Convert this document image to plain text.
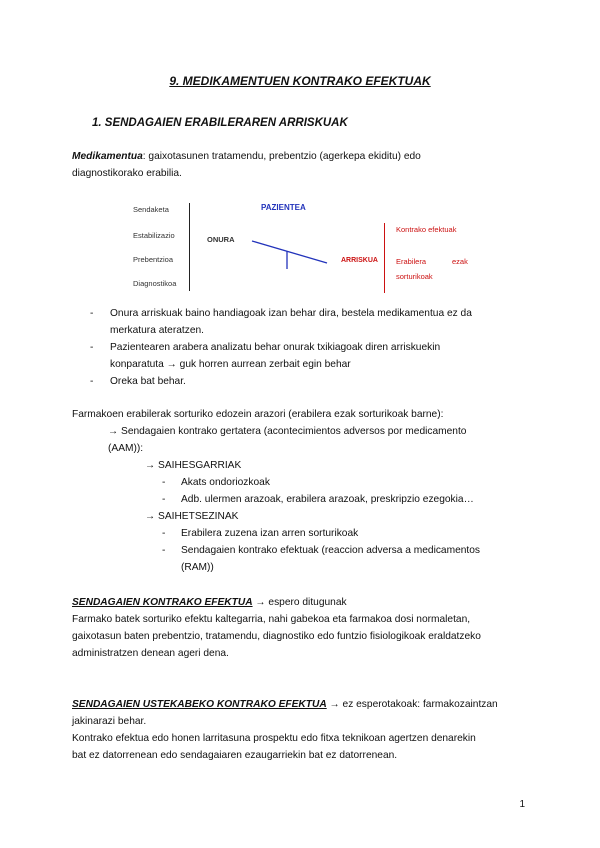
9. MEDIKAMENTUEN KONTRAKO EFEKTUAK
1. SENDAGAIEN ERABILERAREN ARRISKUAK
Medikamentua: gaixotasunen tratamendu, prebentzio (agerkepa ekiditu) edo
diagnostikorako erabilia.
Sendaketa
Estabilizazio
Prebentzioa
Diagnostikoa
PAZIENTEA
ONURA
ARRISKUA
Kontrako efektuak
Erabilera	ezak
sorturikoak
- Onura arriskuak baino handiagoak izan behar dira, bestela medikamentua ez da
merkatura ateratzen.
- Pazientearen arabera analizatu behar onurak txikiagoak diren arriskuekin
konparatuta → guk horren aurrean zerbait egin behar
- Oreka bat behar.
Farmakoen erabilerak sorturiko edozein arazori (erabilera ezak sorturikoak barne):
→ Sendagaien kontrako gertatera (acontecimientos adversos por medicamento
(AAM)):
→ SAIHESGARRIAK
- Akats ondoriozkoak
- Adb. ulermen arazoak, erabilera arazoak, preskripzio ezegokia…
→ SAIHETSEZINAK
- Erabilera zuzena izan arren sorturikoak
- Sendagaien kontrako efektuak (reaccion adversa a medicamentos
(RAM))
SENDAGAIEN KONTRAKO EFEKTUA → espero ditugunak
Farmako batek sorturiko efektu kaltegarria, nahi gabekoa eta farmakoa dosi normaletan,
gaixotasun baten prebentzio, tratamendu, diagnostiko edo funtzio fisiologikoak eraldatzeko
administratzen denean ageri dena.
SENDAGAIEN USTEKABEKO KONTRAKO EFEKTUA → ez esperotakoak: farmakozaintzan
jakinarazi behar.
Kontrako efektua edo honen larritasuna prospektu edo fitxa teknikoan agertzen denarekin
bat ez datorrenean edo sendagaiaren ezaugarriekin bat ez datorrenean.
1
